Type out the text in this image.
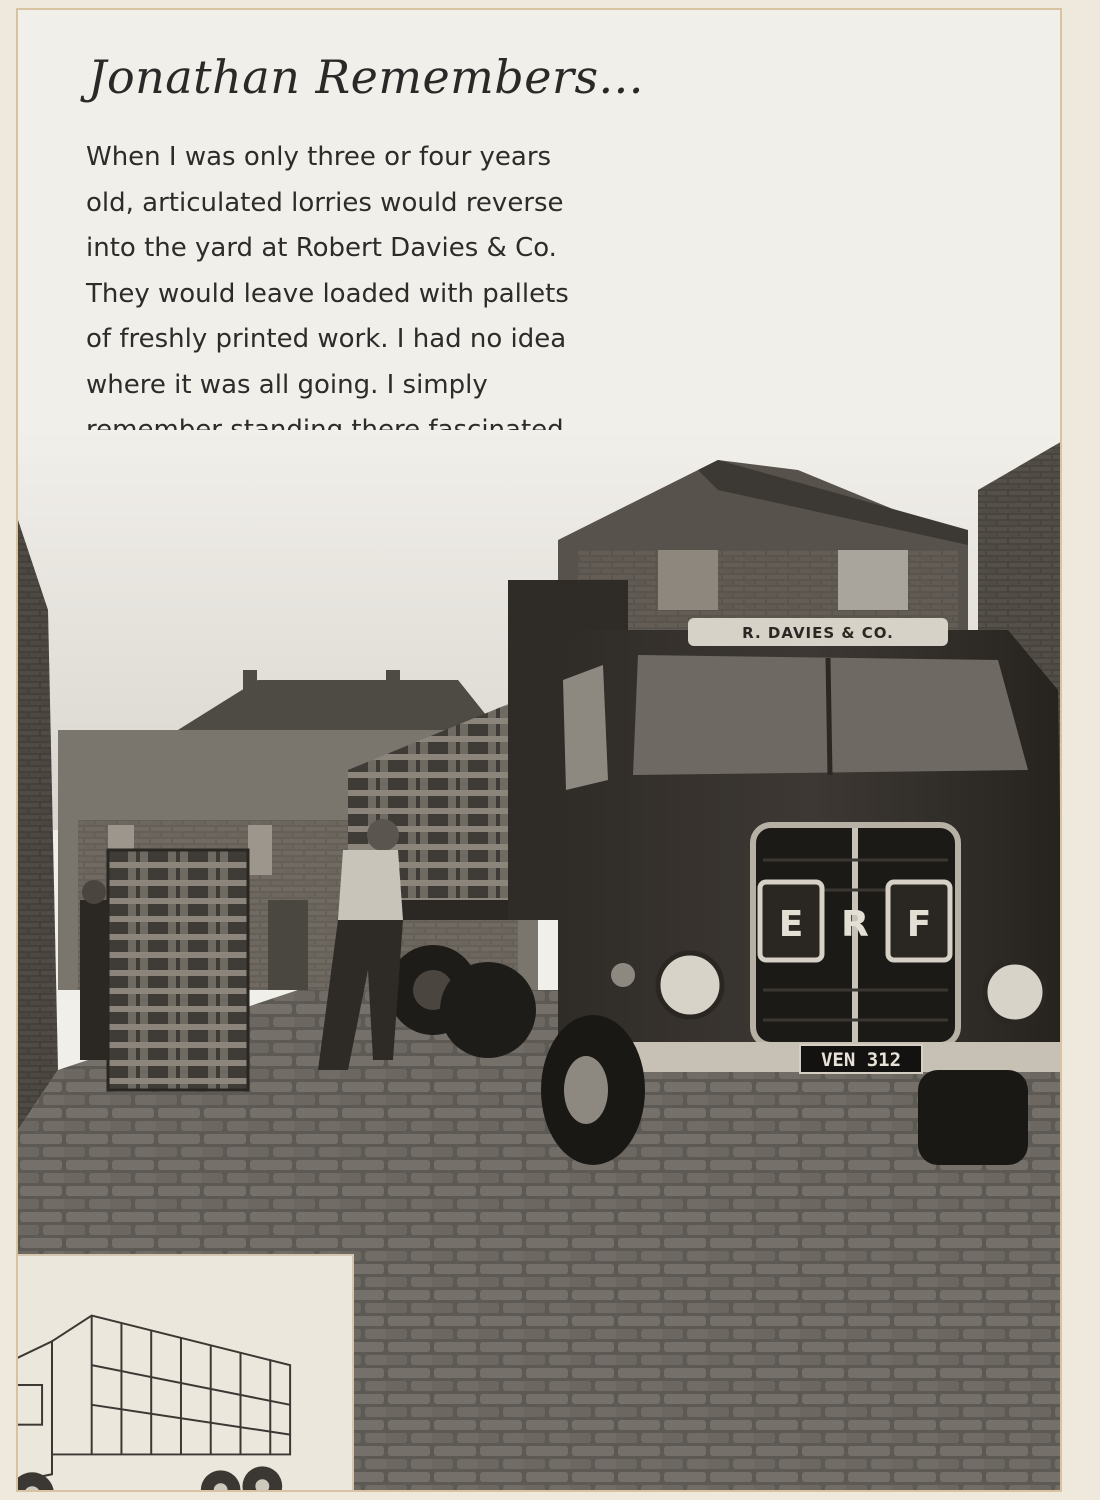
Jonathan Remembers...

When I was only three or four years
old, articulated lorries would reverse
into the yard at Robert Davies & Co.
They would leave loaded with pallets
of freshly printed work. I had no idea
where it was all going. I simply

R. DAVIES & CO.
E R F
VEN 312
